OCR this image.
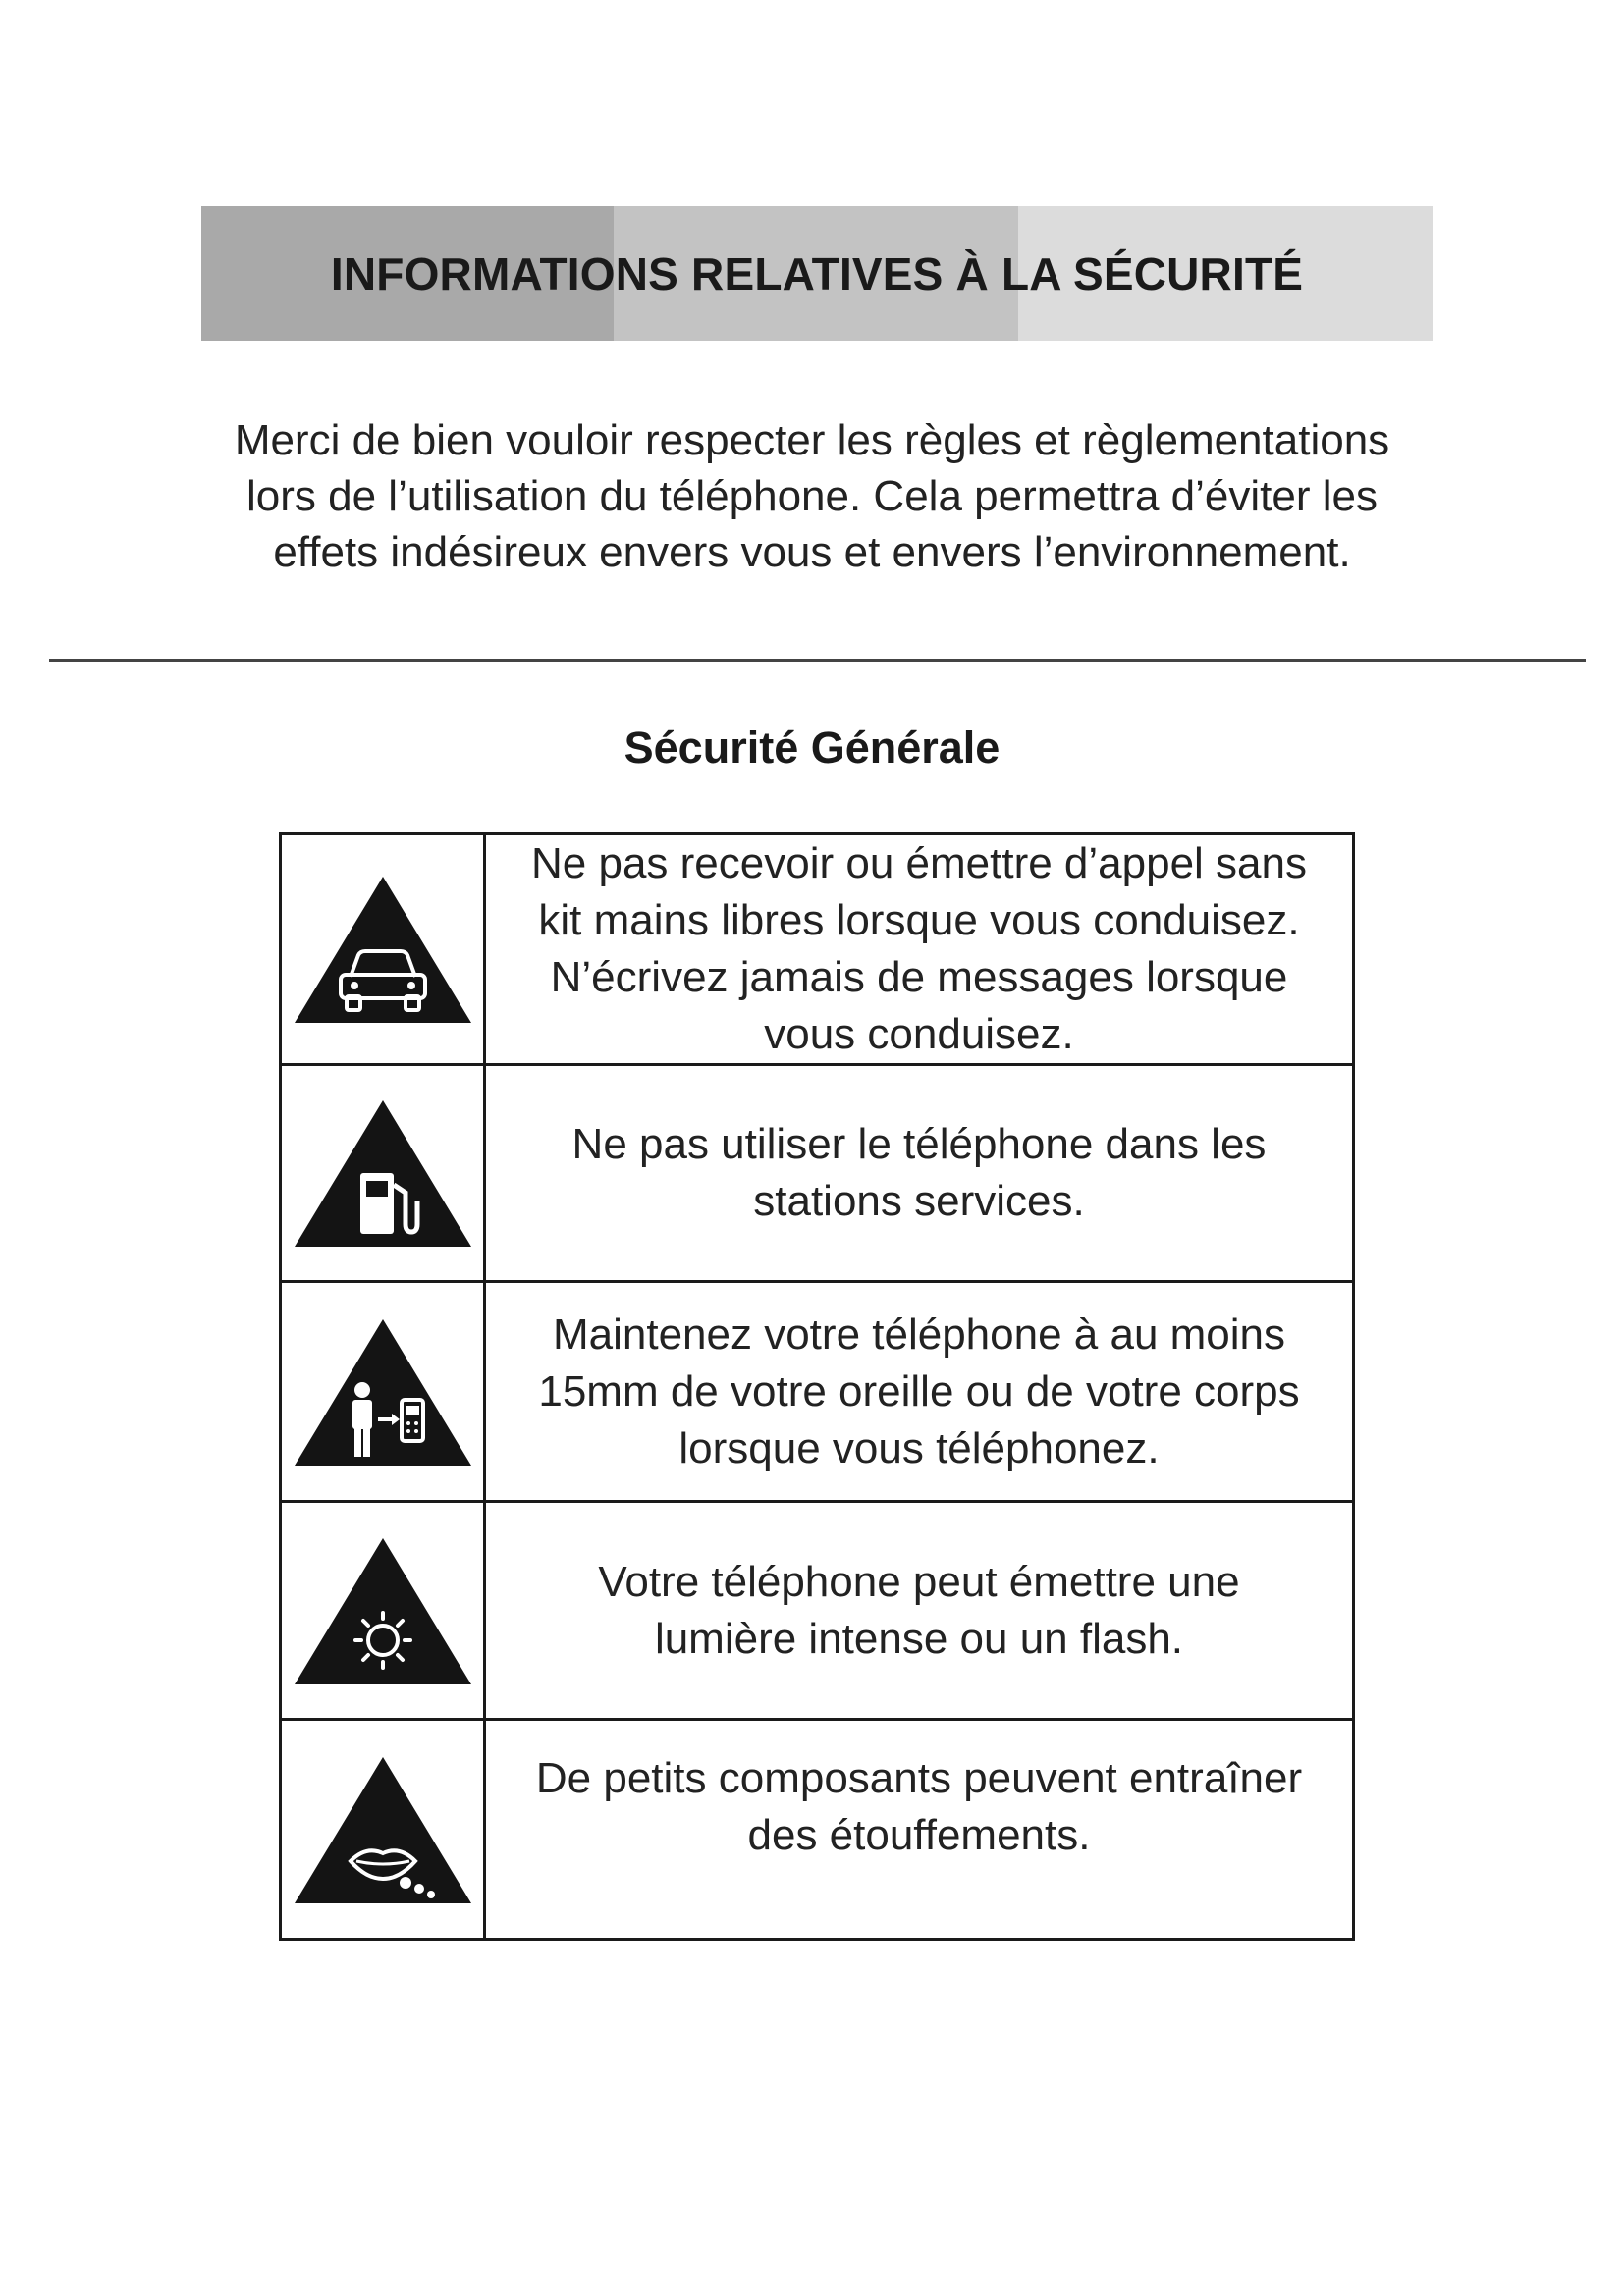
INFORMATIONS RELATIVES À LA SÉCURITÉ
Merci de bien vouloir respecter les règles et règlementations
lors de l’utilisation du téléphone. Cela permettra d’éviter les
effets indésireux envers vous et envers l’environnement.
Sécurité Générale

Ne pas recevoir ou émettre d’appel sans
kit mains libres lorsque vous conduisez.
N’écrivez jamais de messages lorsque
vous conduisez.

Ne pas utiliser le téléphone dans les
stations services.

Maintenez votre téléphone à au moins
15mm de votre oreille ou de votre corps
lorsque vous téléphonez.

Votre téléphone peut émettre une
lumière intense ou un flash.

De petits composants peuvent entraîner
des étouffements.
